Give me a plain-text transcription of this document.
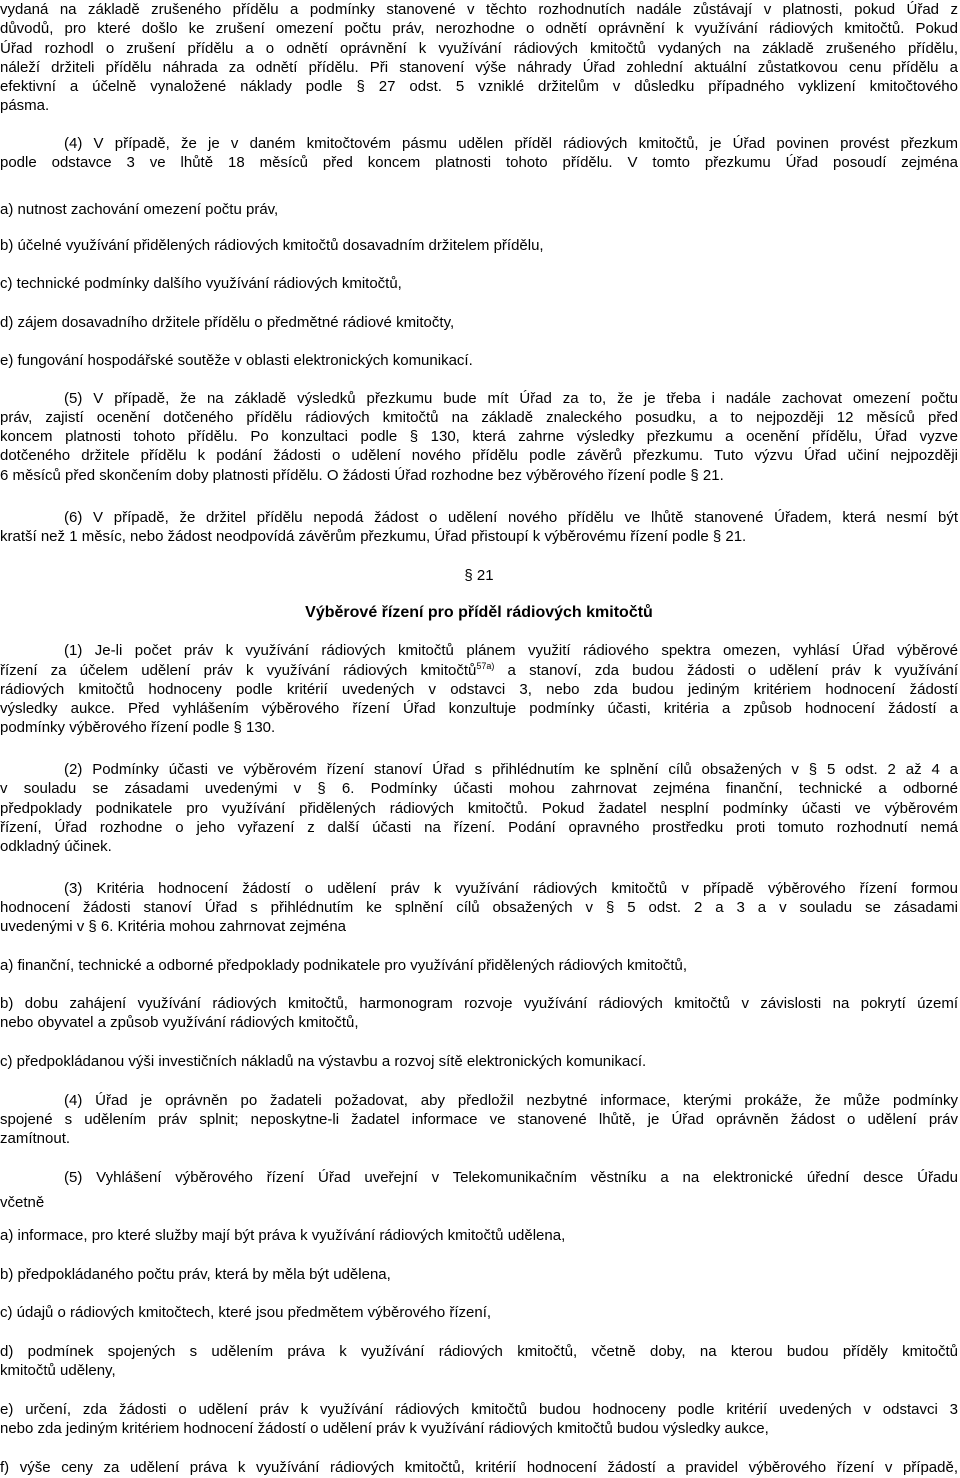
vydaná na základě zrušeného přídělu a podmínky stanovené v těchto rozhodnutích nadále zůstávají v platnosti, pokud Úřad z
důvodů, pro které došlo ke zrušení omezení počtu práv, nerozhodne o odnětí oprávnění k využívání rádiových kmitočtů. Pokud
Úřad rozhodl o zrušení přídělu a o odnětí oprávnění k využívání rádiových kmitočtů vydaných na základě zrušeného přídělu,
náleží držiteli přídělu náhrada za odnětí přídělu. Při stanovení výše náhrady Úřad zohlední aktuální zůstatkovou cenu přídělu a
efektivní a účelně vynaložené náklady podle § 27 odst. 5 vzniklé držitelům v důsledku případného vyklizení kmitočtového
pásma.
(4) V případě, že je v daném kmitočtovém pásmu udělen příděl rádiových kmitočtů, je Úřad povinen provést přezkum
podle odstavce 3 ve lhůtě 18 měsíců před koncem platnosti tohoto přídělu. V tomto přezkumu Úřad posoudí zejména
a) nutnost zachování omezení počtu práv,
b) účelné využívání přidělených rádiových kmitočtů dosavadním držitelem přídělu,
c) technické podmínky dalšího využívání rádiových kmitočtů,
d) zájem dosavadního držitele přídělu o předmětné rádiové kmitočty,
e) fungování hospodářské soutěže v oblasti elektronických komunikací.
(5) V případě, že na základě výsledků přezkumu bude mít Úřad za to, že je třeba i nadále zachovat omezení počtu
práv, zajistí ocenění dotčeného přídělu rádiových kmitočtů na základě znaleckého posudku, a to nejpozději 12 měsíců před
koncem platnosti tohoto přídělu. Po konzultaci podle § 130, která zahrne výsledky přezkumu a ocenění přídělu, Úřad vyzve
dotčeného držitele přídělu k podání žádosti o udělení nového přídělu podle závěrů přezkumu. Tuto výzvu Úřad učiní nejpozději
6 měsíců před skončením doby platnosti přídělu. O žádosti Úřad rozhodne bez výběrového řízení podle § 21.
(6) V případě, že držitel přídělu nepodá žádost o udělení nového přídělu ve lhůtě stanovené Úřadem, která nesmí být
kratší než 1 měsíc, nebo žádost neodpovídá závěrům přezkumu, Úřad přistoupí k výběrovému řízení podle § 21.
§ 21
Výběrové řízení pro příděl rádiových kmitočtů
(1) Je-li počet práv k využívání rádiových kmitočtů plánem využití rádiového spektra omezen, vyhlásí Úřad výběrové
řízení za účelem udělení práv k využívání rádiových kmitočtů$^{57a)}$ a stanoví, zda budou žádosti o udělení práv k využívání
rádiových kmitočtů hodnoceny podle kritérií uvedených v odstavci 3, nebo zda budou jediným kritériem hodnocení žádostí
výsledky aukce. Před vyhlášením výběrového řízení Úřad konzultuje podmínky účasti, kritéria a způsob hodnocení žádostí a
podmínky výběrového řízení podle § 130.
(2) Podmínky účasti ve výběrovém řízení stanoví Úřad s přihlédnutím ke splnění cílů obsažených v § 5 odst. 2 až 4 a
v souladu se zásadami uvedenými v § 6. Podmínky účasti mohou zahrnovat zejména finanční, technické a odborné
předpoklady podnikatele pro využívání přidělených rádiových kmitočtů. Pokud žadatel nesplní podmínky účasti ve výběrovém
řízení, Úřad rozhodne o jeho vyřazení z další účasti na řízení. Podání opravného prostředku proti tomuto rozhodnutí nemá
odkladný účinek.
(3) Kritéria hodnocení žádostí o udělení práv k využívání rádiových kmitočtů v případě výběrového řízení formou
hodnocení žádosti stanoví Úřad s přihlédnutím ke splnění cílů obsažených v § 5 odst. 2 a 3 a v souladu se zásadami
uvedenými v § 6. Kritéria mohou zahrnovat zejména
a) finanční, technické a odborné předpoklady podnikatele pro využívání přidělených rádiových kmitočtů,
b) dobu zahájení využívání rádiových kmitočtů, harmonogram rozvoje využívání rádiových kmitočtů v závislosti na pokrytí území
nebo obyvatel a způsob využívání rádiových kmitočtů,
c) předpokládanou výši investičních nákladů na výstavbu a rozvoj sítě elektronických komunikací.
(4) Úřad je oprávněn po žadateli požadovat, aby předložil nezbytné informace, kterými prokáže, že může podmínky
spojené s udělením práv splnit; neposkytne-li žadatel informace ve stanovené lhůtě, je Úřad oprávněn žádost o udělení práv
zamítnout.
(5) Vyhlášení výběrového řízení Úřad uveřejní v Telekomunikačním věstníku a na elektronické úřední desce Úřadu
včetně
a) informace, pro které služby mají být práva k využívání rádiových kmitočtů udělena,
b) předpokládaného počtu práv, která by měla být udělena,
c) údajů o rádiových kmitočtech, které jsou předmětem výběrového řízení,
d) podmínek spojených s udělením práva k využívání rádiových kmitočtů, včetně doby, na kterou budou příděly kmitočtů
kmitočtů uděleny,
e) určení, zda žádosti o udělení práv k využívání rádiových kmitočtů budou hodnoceny podle kritérií uvedených v odstavci 3
nebo zda jediným kritériem hodnocení žádostí o udělení práv k využívání rádiových kmitočtů budou výsledky aukce,
f) výše ceny za udělení práva k využívání rádiových kmitočtů, kritérií hodnocení žádostí a pravidel výběrového řízení v případě,
